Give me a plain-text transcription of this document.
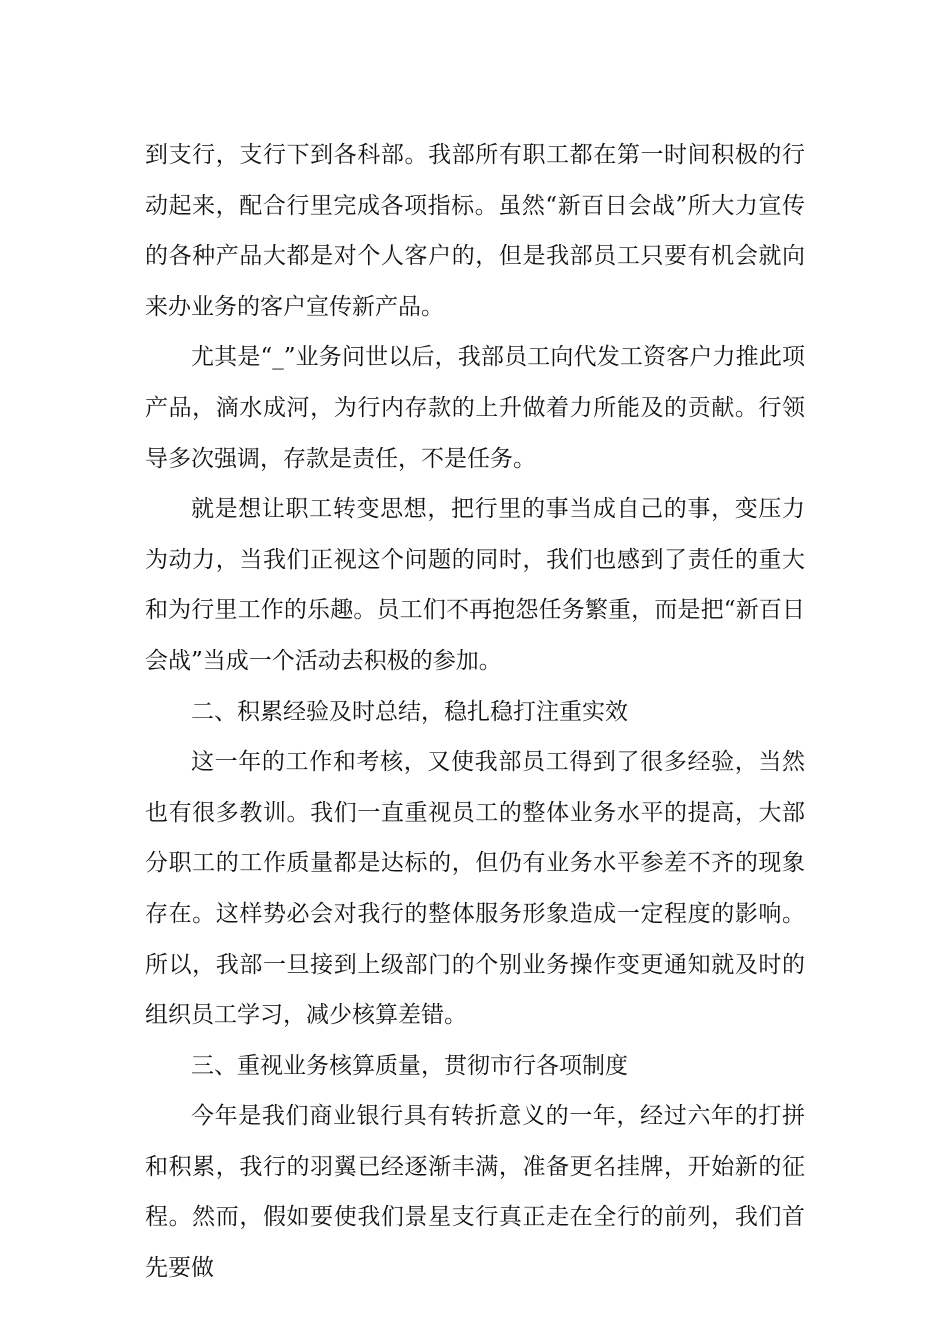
到支行，支行下到各科部。我部所有职工都在第一时间积极的行动起来，配合行里完成各项指标。虽然“新百日会战”所大力宣传的各种产品大都是对个人客户的，但是我部员工只要有机会就向来办业务的客户宣传新产品。

尤其是“_”业务问世以后，我部员工向代发工资客户力推此项产品，滴水成河，为行内存款的上升做着力所能及的贡献。行领导多次强调，存款是责任，不是任务。

就是想让职工转变思想，把行里的事当成自己的事，变压力为动力，当我们正视这个问题的同时，我们也感到了责任的重大和为行里工作的乐趣。员工们不再抱怨任务繁重，而是把“新百日会战”当成一个活动去积极的参加。

二、积累经验及时总结，稳扎稳打注重实效

这一年的工作和考核，又使我部员工得到了很多经验，当然也有很多教训。我们一直重视员工的整体业务水平的提高，大部分职工的工作质量都是达标的，但仍有业务水平参差不齐的现象存在。这样势必会对我行的整体服务形象造成一定程度的影响。所以，我部一旦接到上级部门的个别业务操作变更通知就及时的组织员工学习，减少核算差错。

三、重视业务核算质量，贯彻市行各项制度

今年是我们商业银行具有转折意义的一年，经过六年的打拼和积累，我行的羽翼已经逐渐丰满，准备更名挂牌，开始新的征程。然而，假如要使我们景星支行真正走在全行的前列，我们首先要做
